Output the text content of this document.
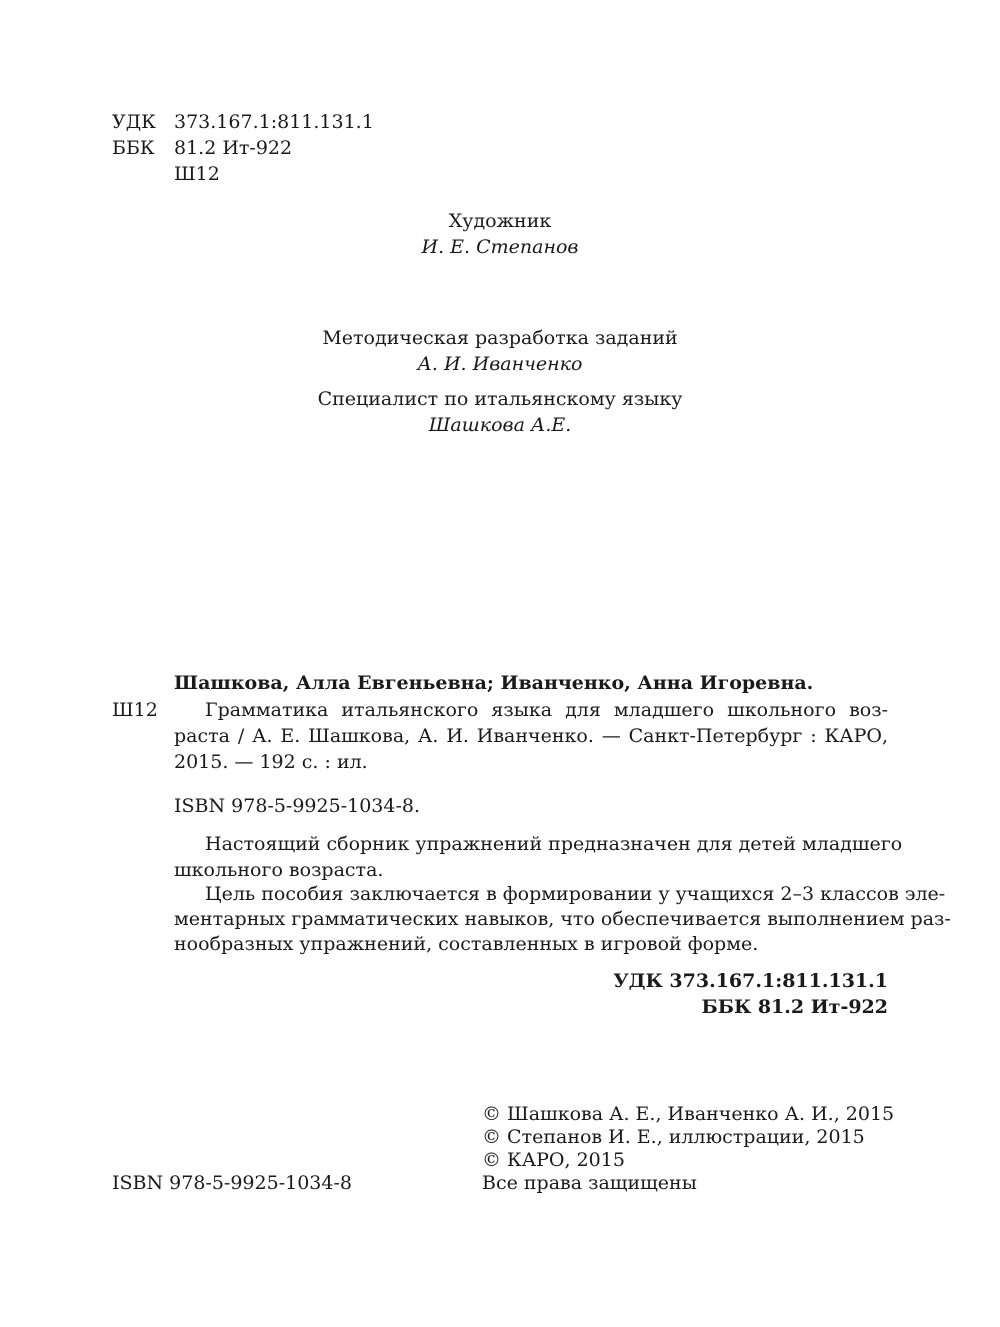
УДК 373.167.1:811.131.1
ББК 81.2 Ит-922
Ш12
Художник
И. Е. Степанов
Методическая разработка заданий
А. И. Иванченко
Специалист по итальянскому языку
Шашкова А.Е.
Шашкова, Алла Евгеньевна; Иванченко, Анна Игоревна.
Ш12 Грамматика итальянского языка для младшего школьного воз-
раста / А. Е. Шашкова, А. И. Иванченко. — Санкт-Петербург : КАРО,
2015. — 192 с. : ил.
ISBN 978-5-9925-1034-8.
Настоящий сборник упражнений предназначен для детей младшего
школьного возраста.
Цель пособия заключается в формировании у учащихся 2–3 классов эле-
ментарных грамматических навыков, что обеспечивается выполнением раз-
нообразных упражнений, составленных в игровой форме.
УДК 373.167.1:811.131.1
ББК 81.2 Ит-922
© Шашкова А. Е., Иванченко А. И., 2015
© Степанов И. Е., иллюстрации, 2015
© КАРО, 2015
ISBN 978-5-9925-1034-8	Все права защищены
